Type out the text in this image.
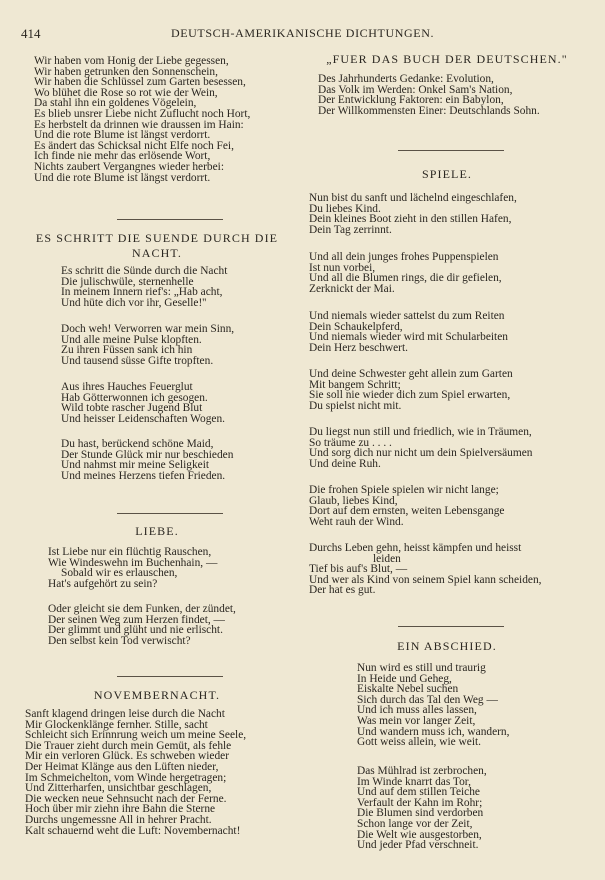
414	DEUTSCH-AMERIKANISCHE DICHTUNGEN.
Wir haben vom Honig der Liebe gegessen,
Wir haben getrunken den Sonnenschein,
Wir haben die Schlüssel zum Garten besessen,
Wo blühet die Rose so rot wie der Wein,
Da stahl ihn ein goldenes Vögelein,
Es blieb unsrer Liebe nicht Zuflucht noch Hort,
Es herbstelt da drinnen wie draussen im Hain:
Und die rote Blume ist längst verdorrt.
Es ändert das Schicksal nicht Elfe noch Fei,
Ich finde nie mehr das erlösende Wort,
Nichts zaubert Vergangnes wieder herbei:
Und die rote Blume ist längst verdorrt.
ES SCHRITT DIE SUENDE DURCH DIE NACHT.
Es schritt die Sünde durch die Nacht
Die julischwüle, sternenhelle
In meinem Innern rief's: „Hab acht,
Und hüte dich vor ihr, Geselle!''
Doch weh! Verworren war mein Sinn,
Und alle meine Pulse klopften.
Zu ihren Füssen sank ich hin
Und tausend süsse Gifte tropften.
Aus ihres Hauches Feuerglut
Hab Götterwonnen ich gesogen.
Wild tobte rascher Jugend Blut
Und heisser Leidenschaften Wogen.
Du hast, berückend schöne Maid,
Der Stunde Glück mir nur beschieden
Und nahmst mir meine Seligkeit
Und meines Herzens tiefen Frieden.
LIEBE.
Ist Liebe nur ein flüchtig Rauschen,
Wie Windeswehn im Buchenhain, —
Sobald wir es erlauschen,
Hat's aufgehört zu sein?
Oder gleicht sie dem Funken, der zündet,
Der seinen Weg zum Herzen findet, —
Der glimmt und glüht und nie erlischt.
Den selbst kein Tod verwischt?
NOVEMBERNACHT.
Sanft klagend dringen leise durch die Nacht
Mir Glockenklänge fernher. Stille, sacht
Schleicht sich Erinnrung weich um meine Seele,
Die Trauer zieht durch mein Gemüt, als fehle
Mir ein verloren Glück. Es schweben wieder
Der Heimat Klänge aus den Lüften nieder,
Im Schmeichelton, vom Winde hergetragen;
Und Zitterharfen, unsichtbar geschlagen,
Die wecken neue Sehnsucht nach der Ferne.
Hoch über mir ziehn ihre Bahn die Sterne
Durchs ungemessne All in hehrer Pracht.
Kalt schauernd weht die Luft: Novembernacht!
„FUER DAS BUCH DER DEUTSCHEN."
Des Jahrhunderts Gedanke: Evolution,
Das Volk im Werden: Onkel Sam's Nation,
Der Entwicklung Faktoren: ein Babylon,
Der Willkommensten Einer: Deutschlands Sohn.
SPIELE.
Nun bist du sanft und lächelnd eingeschlafen,
Du liebes Kind.
Dein kleines Boot zieht in den stillen Hafen,
Dein Tag zerrinnt.
Und all dein junges frohes Puppenspielen
Ist nun vorbei,
Und all die Blumen rings, die dir gefielen,
Zerknickt der Mai.
Und niemals wieder sattelst du zum Reiten
Dein Schaukelpferd,
Und niemals wieder wird mit Schularbeiten
Dein Herz beschwert.
Und deine Schwester geht allein zum Garten
Mit bangem Schritt;
Sie soll nie wieder dich zum Spiel erwarten,
Du spielst nicht mit.
Du liegst nun still und friedlich, wie in Träumen,
So träume zu . . . .
Und sorg dich nur nicht um dein Spielversäumen
Und deine Ruh.
Die frohen Spiele spielen wir nicht lange;
Glaub, liebes Kind,
Dort auf dem ernsten, weiten Lebensgange
Weht rauh der Wind.
Durchs Leben gehn, heisst kämpfen und heisst
leiden
Tief bis auf's Blut, —
Und wer als Kind von seinem Spiel kann scheiden,
Der hat es gut.
EIN ABSCHIED.
Nun wird es still und traurig
In Heide und Geheg,
Eiskalte Nebel suchen
Sich durch das Tal den Weg —
Und ich muss alles lassen,
Was mein vor langer Zeit,
Und wandern muss ich, wandern,
Gott weiss allein, wie weit.
Das Mühlrad ist zerbrochen,
Im Winde knarrt das Tor,
Und auf dem stillen Teiche
Verfault der Kahn im Rohr;
Die Blumen sind verdorben
Schon lange vor der Zeit,
Die Welt wie ausgestorben,
Und jeder Pfad verschneit.
